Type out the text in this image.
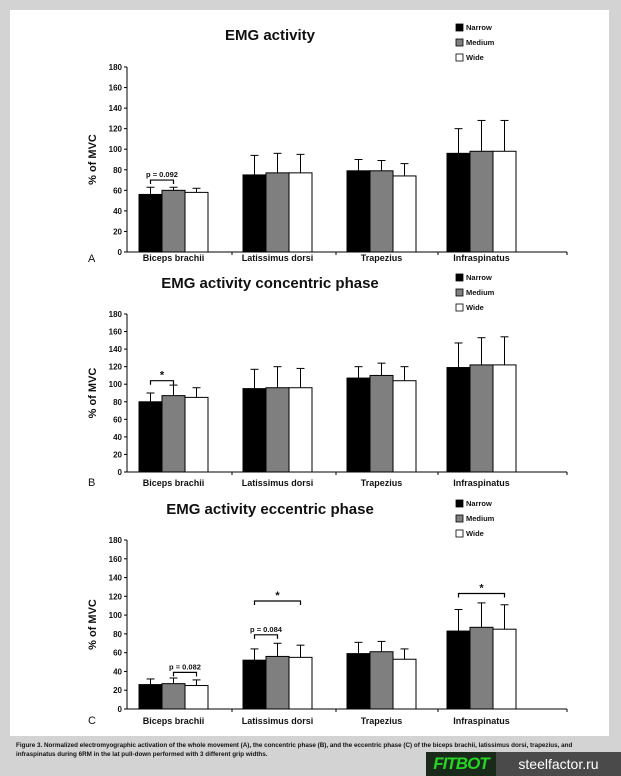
EMG activity	Narrow
Medium
Wide
0
20
40
60
80
100
120
140
160
180
% of MVC
Biceps brachii	Latissimus dorsi	Trapezius	Infraspinatus
A
p = 0.092
EMG activity concentric phase	Narrow
Medium
Wide
0
20
40
60
80
100
120
140
160
180
% of MVC
Biceps brachii	Latissimus dorsi	Trapezius	Infraspinatus
B
*
EMG activity eccentric phase	Narrow
Medium
Wide
0
20
40
60
80
100
120
140
160
180
% of MVC
Biceps brachii	Latissimus dorsi	Trapezius	Infraspinatus
C
p = 0.082
p = 0.084
*
*
Figure 3. Normalized electromyographic activation of the whole movement (A), the concentric phase (B), and the eccentric phase (C) of the biceps brachii, latissimus dorsi, trapezius, and infraspinatus during 6RM in the lat pull-down performed with 3 different grip widths.	FITBOT	steelfactor.ru
